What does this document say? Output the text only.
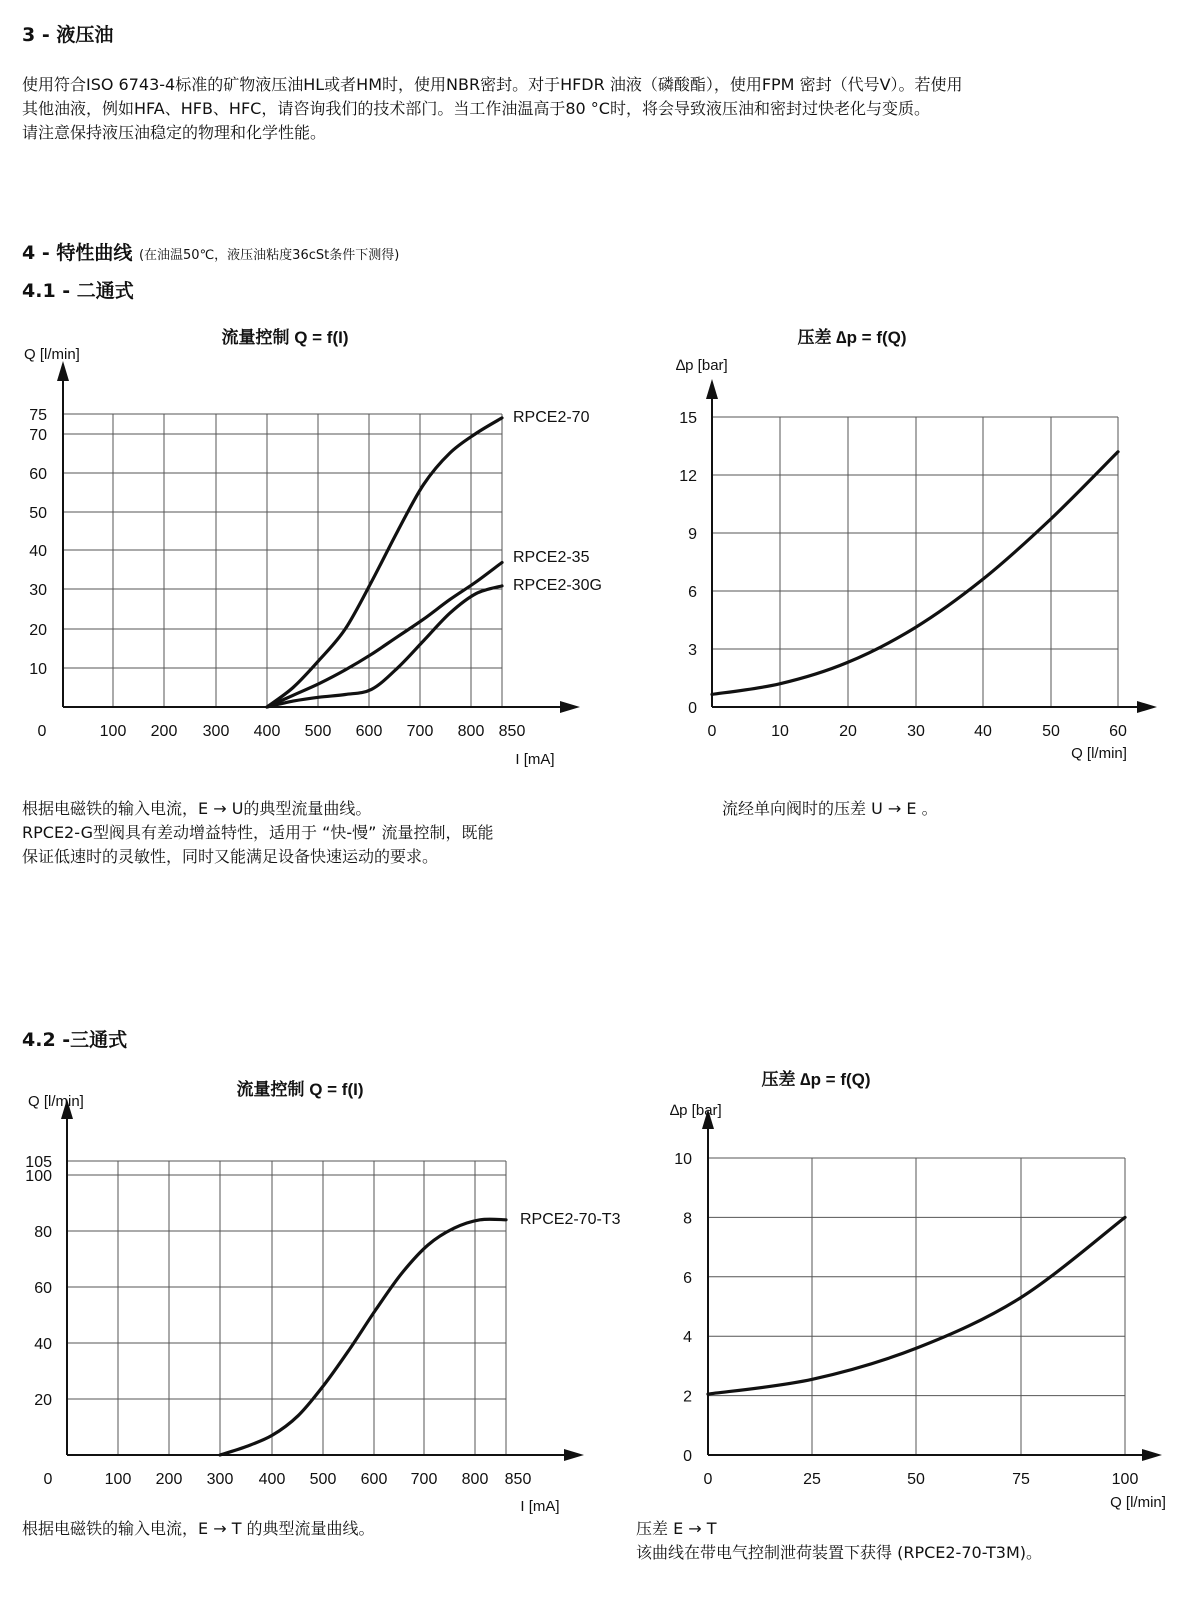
3 - 液压油

使用符合ISO 6743-4标准的矿物液压油HL或者HM时，使用NBR密封。对于HFDR 油液（磷酸酯），使用FPM 密封（代号V）。若使用

其他油液，例如HFA、HFB、HFC，请咨询我们的技术部门。当工作油温高于80 °C时，将会导致液压油和密封过快老化与变质。

请注意保持液压油稳定的物理和化学性能。

4 - 特性曲线 (在油温50℃，液压油粘度36cSt条件下测得)
4.1 - 二通式
0	100 200 300 400 500 600 700 800 850
10
20
30
40
50
60
70
75
流量控制 Q = f(I)
Q [l/min]
I [mA]
RPCE2-70
RPCE2-35
RPCE2-30G
0	10	20	30	40	50	60
0
3
6
9
12
15
压差 ∆p = f(Q)
∆p [bar]
Q [l/min]
0	100 200 300 400 500 600 700 800 850
20
40
60
80
100
105
流量控制 Q = f(I)
Q [l/min]
I [mA]
RPCE2-70-T3
0	25	50	75	100
0
2
4
6
8
10
压差 ∆p = f(Q)
∆p [bar]
Q [l/min]

根据电磁铁的输入电流，E → U的典型流量曲线。

RPCE2-G型阀具有差动增益特性，适用于 “快-慢” 流量控制，既能

保证低速时的灵敏性，同时又能满足设备快速运动的要求。

流经单向阀时的压差 U → E 。

4.2 -三通式

根据电磁铁的输入电流，E → T 的典型流量曲线。	压差 E → T

该曲线在带电气控制泄荷装置下获得 (RPCE2-70-T3M)。
